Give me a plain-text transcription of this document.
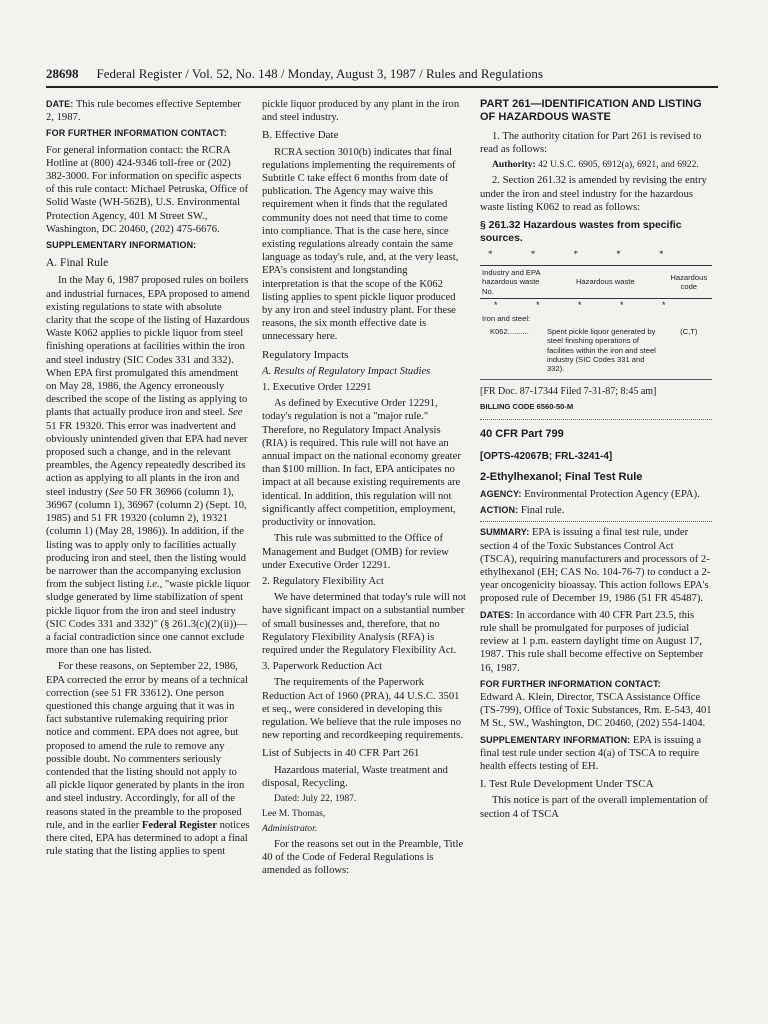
28698 Federal Register / Vol. 52, No. 148 / Monday, August 3, 1987 / Rules and Regulations

DATE: This rule becomes effective September 2, 1987.

FOR FURTHER INFORMATION CONTACT:

For general information contact: the RCRA Hotline at (800) 424-9346 toll-free or (202) 382-3000. For information on specific aspects of this rule contact: Michael Petruska, Office of Solid Waste (WH-562B), U.S. Environmental Protection Agency, 401 M Street SW., Washington, DC 20460, (202) 475-6676.

SUPPLEMENTARY INFORMATION:

A. Final Rule

In the May 6, 1987 proposed rules on boilers and industrial furnaces, EPA proposed to amend existing regulations to state with absolute clarity that the scope of the listing of Hazardous Waste K062 applies to pickle liquor from steel finishing operations at facilities within the iron and steel industry (SIC Codes 331 and 332). When EPA first promulgated this amendment on May 28, 1986, the Agency erroneously described the scope of the listing as applying to plants that actually produce iron and steel. See 51 FR 19320. This error was inadvertent and obviously unintended given that EPA had never proposed such a change, and in the relevant preambles, the Agency repeatedly described its action as applying to all plants in the iron and steel industry (See 50 FR 36966 (column 1), 36967 (column 1), 36967 (column 2) (Sept. 10, 1985) and 51 FR 19320 (column 2), 19321 (column 1) (May 28, 1986)). In addition, if the listing was to apply only to facilities actually producing iron and steel, then the listing would be narrower than the accompanying exclusion from the subject listing i.e., "waste pickle liquor sludge generated by lime stabilization of spent pickle liquor from the iron and steel industry (SIC Codes 331 and 332)" (§ 261.3(c)(2)(ii))—a facial contradiction since one cannot exclude more than one has listed.

For these reasons, on September 22, 1986, EPA corrected the error by means of a technical correction (see 51 FR 33612). One person questioned this change arguing that it was in fact substantive rulemaking requiring prior notice and comment. EPA does not agree, but proposed to amend the rule to remove any possible doubt. No commenters seriously contended that the listing should not apply to all pickle liquor generated by plants in the iron and steel industry. Accordingly, for all of the reasons stated in the preamble to the proposed rule, and in the earlier Federal Register notices there cited, EPA has determined to adopt a final rule stating that the listing applies to spent

pickle liquor produced by any plant in the iron and steel industry.

B. Effective Date

RCRA section 3010(b) indicates that final regulations implementing the requirements of Subtitle C take effect 6 months from date of publication. The Agency may waive this requirement when it finds that the regulated community does not need that time to come into compliance. That is the case here, since existing regulations already contain the same language as today's rule, and, at the very least, EPA's consistent and longstanding interpretation is that the scope of the K062 listing applies to spent pickle liquor produced by any iron and steel industry plant. For these reasons, the six month effective date is unnecessary here.

Regulatory Impacts

A. Results of Regulatory Impact Studies

1. Executive Order 12291

As defined by Executive Order 12291, today's regulation is not a "major rule." Therefore, no Regulatory Impact Analysis (RIA) is required. This rule will not have an annual impact on the national economy greater than $100 million. In fact, EPA anticipates no impact at all because existing requirements are identical. In addition, this regulation will not significantly affect competition, employment, productivity or innovation.

This rule was submitted to the Office of Management and Budget (OMB) for review under Executive Order 12291.

2. Regulatory Flexibility Act

We have determined that today's rule will not have significant impact on a substantial number of small businesses and, therefore, that no Regulatory Flexibility Analysis (RFA) is required under the Regulatory Flexibility Act.

3. Paperwork Reduction Act

The requirements of the Paperwork Reduction Act of 1960 (PRA), 44 U.S.C. 3501 et seq., were considered in developing this regulation. We believe that the rule imposes no new reporting and recordkeeping requirements.

List of Subjects in 40 CFR Part 261

Hazardous material, Waste treatment and disposal, Recycling.

Dated: July 22, 1987.

Lee M. Thomas,

Administrator.

For the reasons set out in the Preamble, Title 40 of the Code of Federal Regulations is amended as follows:

PART 261—IDENTIFICATION AND LISTING OF HAZARDOUS WASTE

1. The authority citation for Part 261 is revised to read as follows:

Authority: 42 U.S.C. 6905, 6912(a), 6921, and 6922.

2. Section 261.32 is amended by revising the entry under the iron and steel industry for the hazardous waste listing K062 to read as follows:

§ 261.32 Hazardous wastes from specific sources.

* * * * *
Industry and EPA hazardous waste No.	Hazardous waste	Hazardous code
* * * * *		
Iron and steel:		
K062..........	Spent pickle liquor generated by steel finishing operations of facilities within the iron and steel industry (SIC Codes 331 and 332).	(C,T)

[FR Doc. 87-17344 Filed 7-31-87; 8:45 am]

BILLING CODE 6560-50-M

40 CFR Part 799

[OPTS-42067B; FRL-3241-4]

2-Ethylhexanol; Final Test Rule

AGENCY: Environmental Protection Agency (EPA).

ACTION: Final rule.

SUMMARY: EPA is issuing a final test rule, under section 4 of the Toxic Substances Control Act (TSCA), requiring manufacturers and processors of 2-ethylhexanol (EH; CAS No. 104-76-7) to conduct a 2-year oncogenicity bioassay. This action follows EPA's proposed rule of December 19, 1986 (51 FR 45487).

DATES: In accordance with 40 CFR Part 23.5, this rule shall be promulgated for purposes of judicial review at 1 p.m. eastern daylight time on August 17, 1987. This rule shall become effective on September 16, 1987.

FOR FURTHER INFORMATION CONTACT:
Edward A. Klein, Director, TSCA Assistance Office (TS-799), Office of Toxic Substances, Rm. E-543, 401 M St., SW., Washington, DC 20460, (202) 554-1404.

SUPPLEMENTARY INFORMATION: EPA is issuing a final test rule under section 4(a) of TSCA to require health effects testing of EH.

I. Test Rule Development Under TSCA

This notice is part of the overall implementation of section 4 of TSCA
